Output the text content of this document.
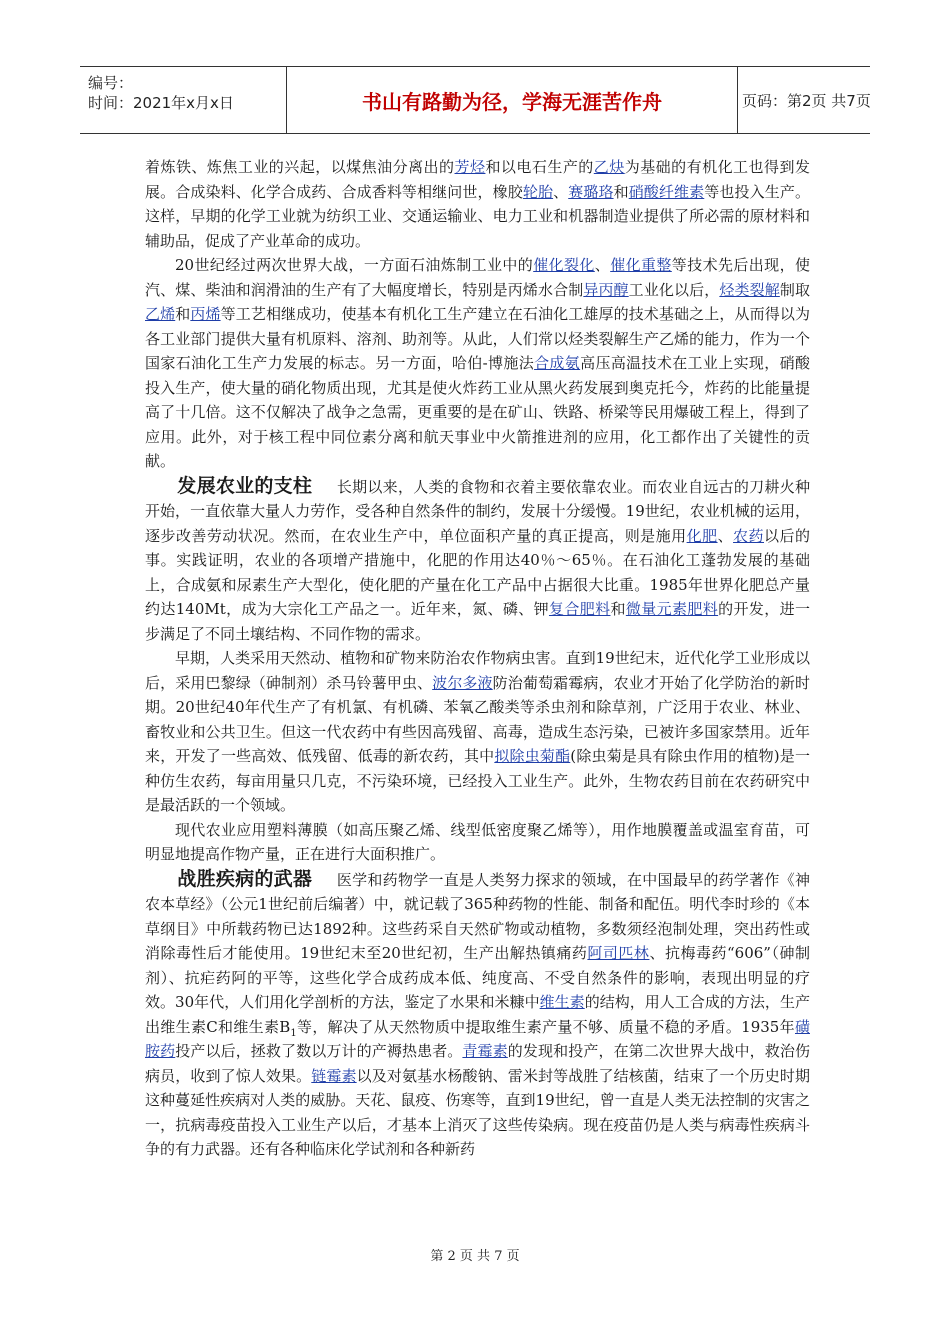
编号：
时间：2021年x月x日	书山有路勤为径，学海无涯苦作舟	页码：第2页 共7页

着炼铁、炼焦工业的兴起，以煤焦油分离出的芳烃和以电石生产的乙炔为基础的有机化工也得到发展。合成染料、化学合成药、合成香料等相继问世，橡胶轮胎、赛璐珞和硝酸纤维素等也投入生产。这样，早期的化学工业就为纺织工业、交通运输业、电力工业和机器制造业提供了所必需的原材料和辅助品，促成了产业革命的成功。

20世纪经过两次世界大战，一方面石油炼制工业中的催化裂化、催化重整等技术先后出现，使汽、煤、柴油和润滑油的生产有了大幅度增长，特别是丙烯水合制异丙醇工业化以后，烃类裂解制取乙烯和丙烯等工艺相继成功，使基本有机化工生产建立在石油化工雄厚的技术基础之上，从而得以为各工业部门提供大量有机原料、溶剂、助剂等。从此，人们常以烃类裂解生产乙烯的能力，作为一个国家石油化工生产力发展的标志。另一方面，哈伯-博施法合成氨高压高温技术在工业上实现，硝酸投入生产，使大量的硝化物质出现，尤其是使火炸药工业从黑火药发展到奥克托今，炸药的比能量提高了十几倍。这不仅解决了战争之急需，更重要的是在矿山、铁路、桥梁等民用爆破工程上，得到了应用。此外，对于核工程中同位素分离和航天事业中火箭推进剂的应用，化工都作出了关键性的贡献。

发展农业的支柱 长期以来，人类的食物和衣着主要依靠农业。而农业自远古的刀耕火种开始，一直依靠大量人力劳作，受各种自然条件的制约，发展十分缓慢。19世纪，农业机械的运用，逐步改善劳动状况。然而，在农业生产中，单位面积产量的真正提高，则是施用化肥、农药以后的事。实践证明，农业的各项增产措施中，化肥的作用达40％～65％。在石油化工蓬勃发展的基础上，合成氨和尿素生产大型化，使化肥的产量在化工产品中占据很大比重。1985年世界化肥总产量约达140Mt，成为大宗化工产品之一。近年来，氮、磷、钾复合肥料和微量元素肥料的开发，进一步满足了不同土壤结构、不同作物的需求。

早期，人类采用天然动、植物和矿物来防治农作物病虫害。直到19世纪末，近代化学工业形成以后，采用巴黎绿（砷制剂）杀马铃薯甲虫、波尔多液防治葡萄霜霉病，农业才开始了化学防治的新时期。20世纪40年代生产了有机氯、有机磷、苯氧乙酸类等杀虫剂和除草剂，广泛用于农业、林业、畜牧业和公共卫生。但这一代农药中有些因高残留、高毒，造成生态污染，已被许多国家禁用。近年来，开发了一些高效、低残留、低毒的新农药，其中拟除虫菊酯(除虫菊是具有除虫作用的植物)是一种仿生农药，每亩用量只几克，不污染环境，已经投入工业生产。此外，生物农药目前在农药研究中是最活跃的一个领域。

现代农业应用塑料薄膜（如高压聚乙烯、线型低密度聚乙烯等），用作地膜覆盖或温室育苗，可明显地提高作物产量，正在进行大面积推广。

战胜疾病的武器 医学和药物学一直是人类努力探求的领域，在中国最早的药学著作《神农本草经》（公元1世纪前后编著）中，就记载了365种药物的性能、制备和配伍。明代李时珍的《本草纲目》中所载药物已达1892种。这些药采自天然矿物或动植物，多数须经泡制处理，突出药性或消除毒性后才能使用。19世纪末至20世纪初，生产出解热镇痛药阿司匹林、抗梅毒药“606”（砷制剂）、抗疟药阿的平等，这些化学合成药成本低、纯度高、不受自然条件的影响，表现出明显的疗效。30年代，人们用化学剖析的方法，鉴定了水果和米糠中维生素的结构，用人工合成的方法，生产出维生素C和维生素$B_1$等，解决了从天然物质中提取维生素产量不够、质量不稳的矛盾。1935年磺胺药投产以后，拯救了数以万计的产褥热患者。青霉素的发现和投产，在第二次世界大战中，救治伤病员，收到了惊人效果。链霉素以及对氨基水杨酸钠、雷米封等战胜了结核菌，结束了一个历史时期这种蔓延性疾病对人类的威胁。天花、鼠疫、伤寒等，直到19世纪，曾一直是人类无法控制的灾害之一，抗病毒疫苗投入工业生产以后，才基本上消灭了这些传染病。现在疫苗仍是人类与病毒性疾病斗争的有力武器。还有各种临床化学试剂和各种新药

第 2 页 共 7 页
